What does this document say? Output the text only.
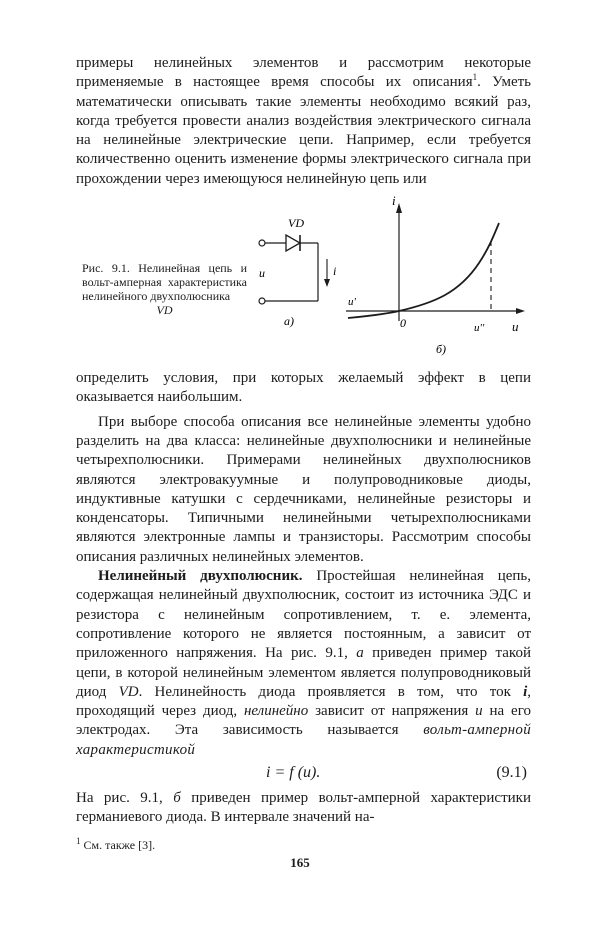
примеры нелинейных элементов и рассмотрим некоторые применяемые в настоящее время способы их описания$^1$. Уметь математически описывать такие элементы необходимо всякий раз, когда требуется провести анализ воздействия электрического сигнала на нелинейные электрические цепи. Например, если требуется количественно оценить изменение формы электрического сигнала при прохождении через имеющуюся нелинейную цепь или

Рис. 9.1. Нелинейная цепь и вольт-амперная характеристика нелинейного двухполюсника
VD
VD
u	i
а)
i
u
0
u'
u''
б)

определить условия, при которых желаемый эффект в цепи оказывается наибольшим.

При выборе способа описания все нелинейные элементы удобно разделить на два класса: нелинейные двухполюсники и нелинейные четырехполюсники. Примерами нелинейных двухполюсников являются электровакуумные и полупроводниковые диоды, индуктивные катушки с сердечниками, нелинейные резисторы и конденсаторы. Типичными нелинейными четырехполюсниками являются электронные лампы и транзисторы. Рассмотрим способы описания различных нелинейных элементов.

Нелинейный двухполюсник. Простейшая нелинейная цепь, содержащая нелинейный двухполюсник, состоит из источника ЭДС и резистора с нелинейным сопротивлением, т. е. элемента, сопротивление которого не является постоянным, а зависит от приложенного напряжения. На рис. 9.1, а приведен пример такой цепи, в которой нелинейным элементом является полупроводниковый диод VD. Нелинейность диода проявляется в том, что ток i, проходящий через диод, нелинейно зависит от напряжения u на его электродах. Эта зависимость называется вольт-амперной характеристикой

i = f (u).	(9.1)

На рис. 9.1, б приведен пример вольт-амперной характеристики германиевого диода. В интервале значений на-

$^1$ См. также [3].
165
